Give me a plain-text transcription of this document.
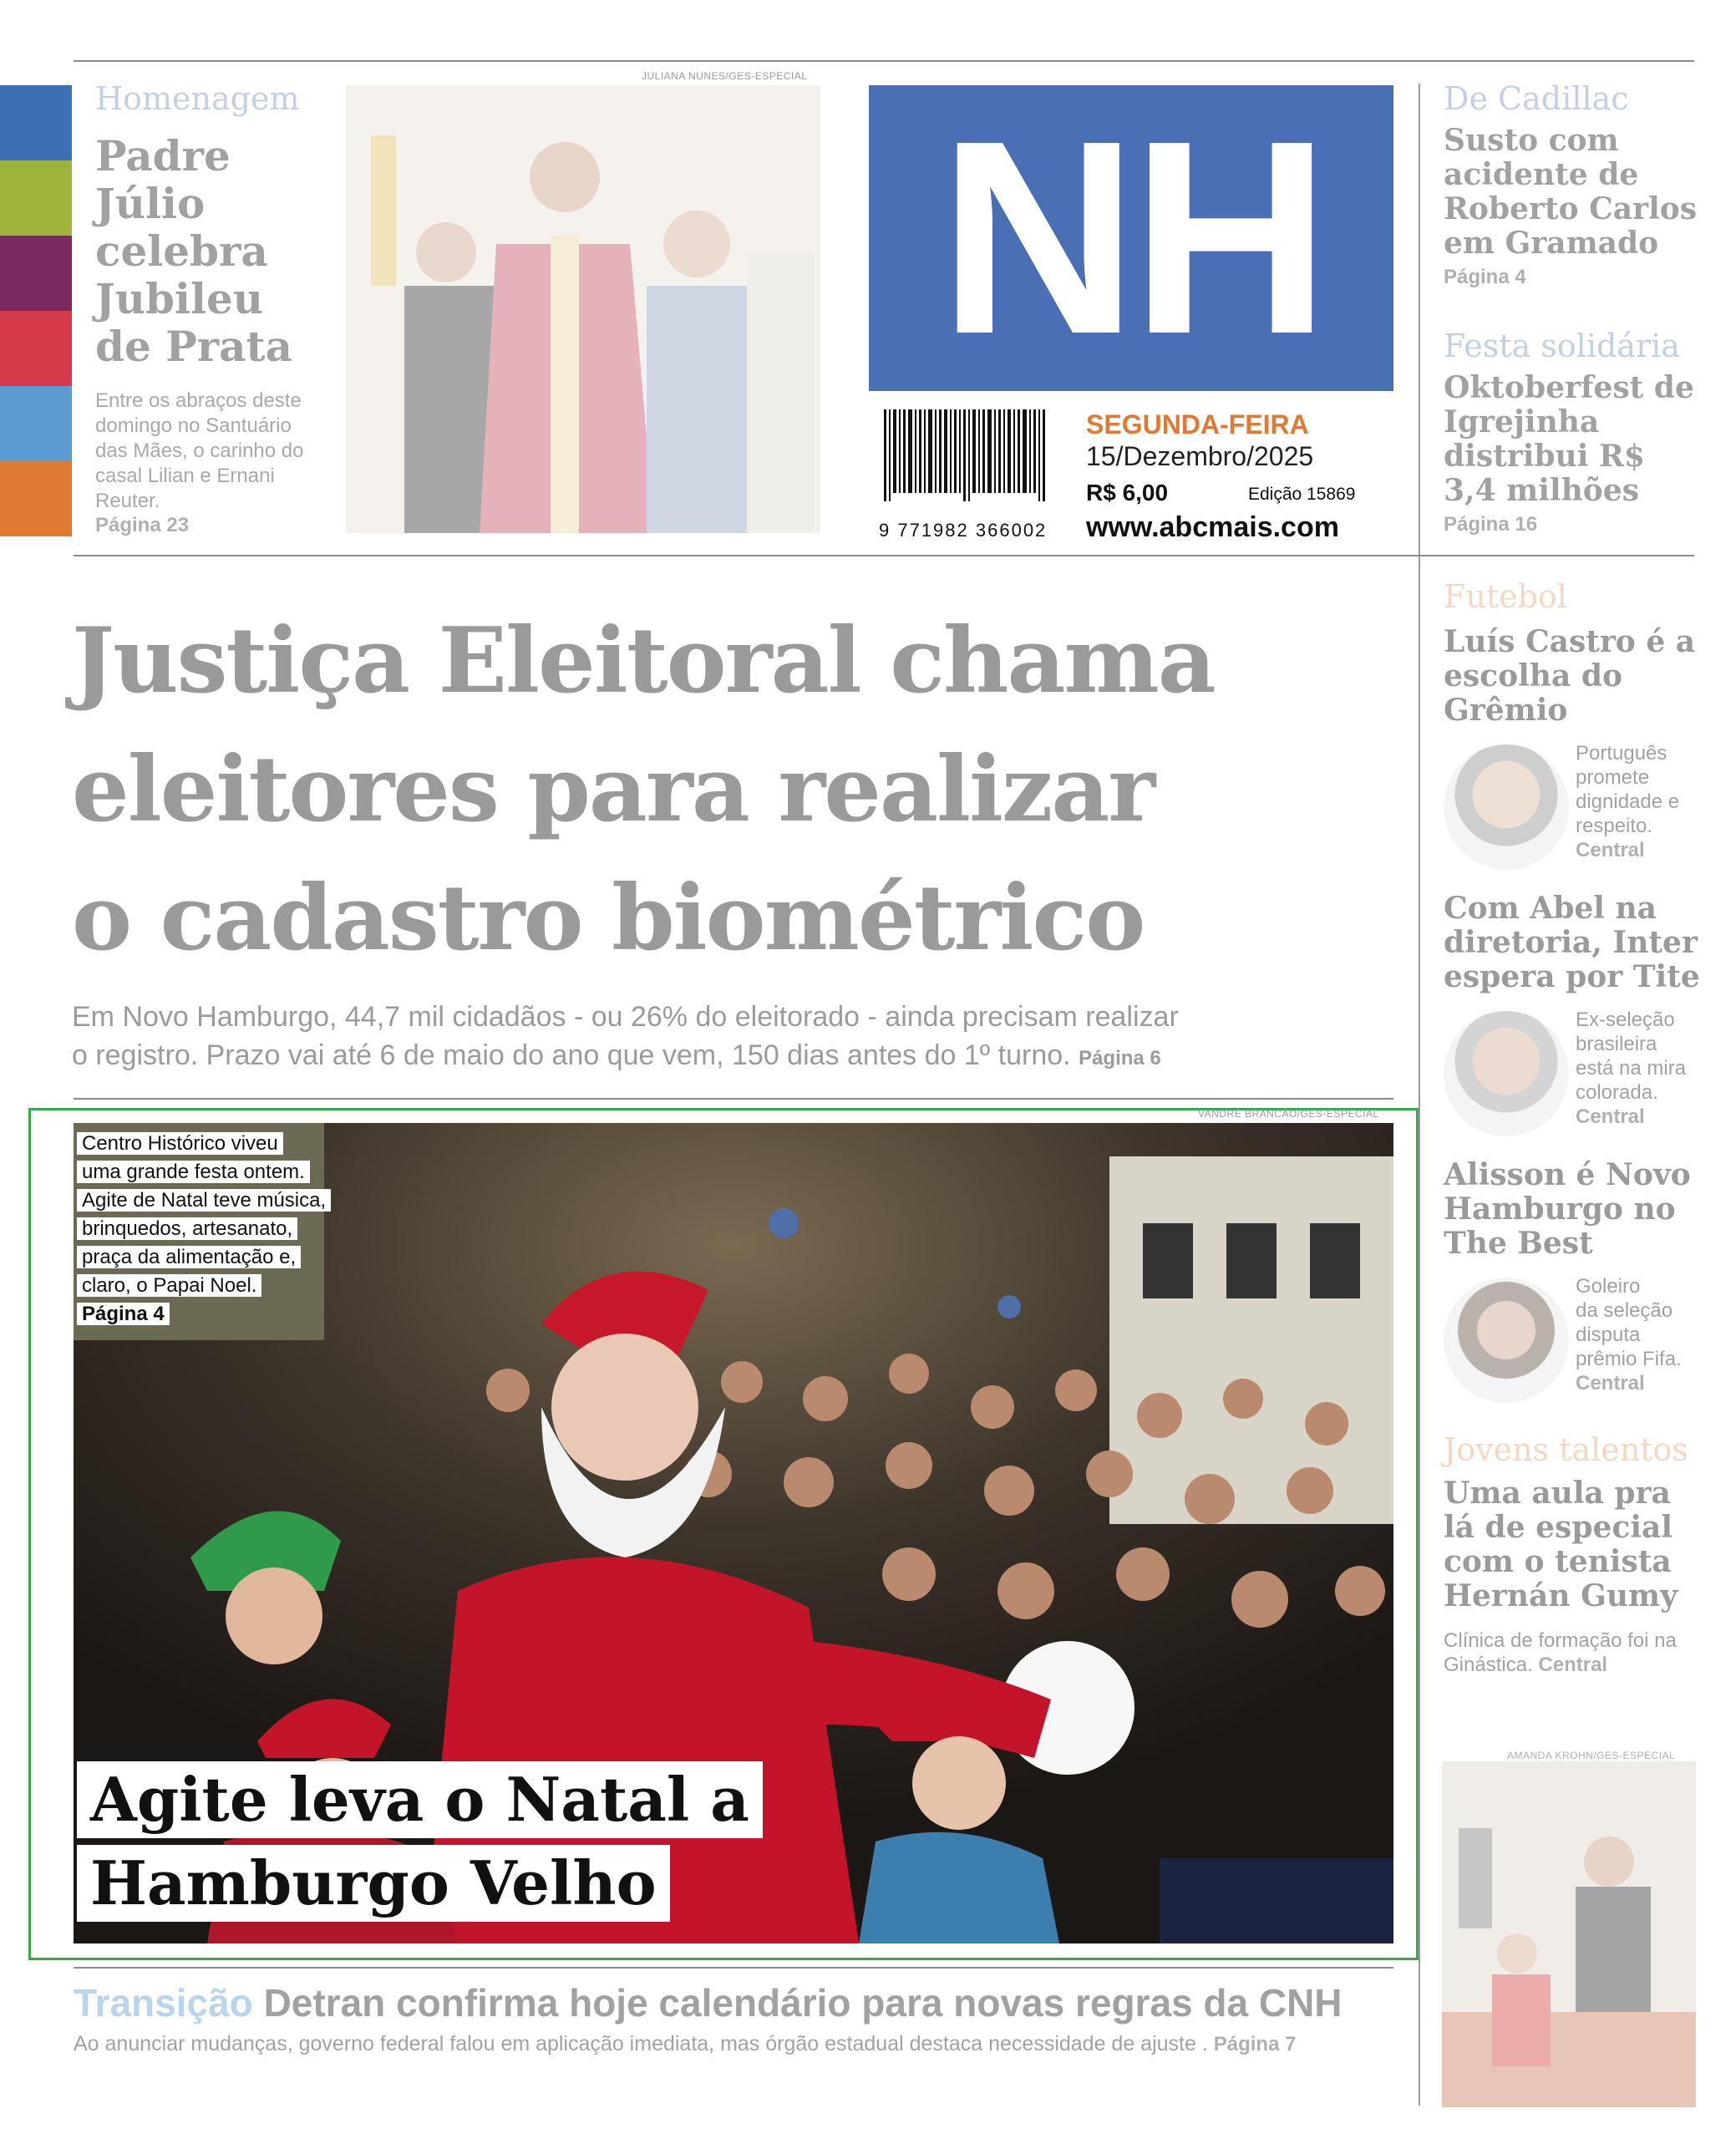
Homenagem
Padre Júlio celebra Jubileu de Prata
Entre os abraços deste domingo no Santuário das Mães, o carinho do casal Lilian e Ernani Reuter.
Página 23
JULIANA NUNES/GES-ESPECIAL
NH
9 771982 366002
SEGUNDA-FEIRA
15/Dezembro/2025
R$ 6,00	Edição 15869
www.abcmais.com
De Cadillac
Susto com acidente de Roberto Carlos em Gramado
Página 4
Festa solidária
Oktoberfest de Igrejinha distribui R$ 3,4 milhões
Página 16
Justiça Eleitoral chama
eleitores para realizar
o cadastro biométrico
Em Novo Hamburgo, 44,7 mil cidadãos - ou 26% do eleitorado - ainda precisam realizar
o registro. Prazo vai até 6 de maio do ano que vem, 150 dias antes do 1º turno. Página 6
VANDRÉ BRANCÃO/GES-ESPECIAL
Centro Histórico viveu
uma grande festa ontem.
Agite de Natal teve música,
brinquedos, artesanato,
praça da alimentação e,
claro, o Papai Noel.
Página 4
Agite leva o Natal a
Hamburgo Velho
Futebol
Luís Castro é a escolha do Grêmio
Português
promete
dignidade e
respeito.
Central
Com Abel na diretoria, Inter espera por Tite
Ex-seleção
brasileira
está na mira
colorada.
Central
Alisson é Novo Hamburgo no The Best
Goleiro
da seleção
disputa
prêmio Fifa.
Central
Jovens talentos
Uma aula pra lá de especial com o tenista Hernán Gumy
Clínica de formação foi na Ginástica. Central
AMANDA KROHN/GES-ESPECIAL
Transição Detran confirma hoje calendário para novas regras da CNH
Ao anunciar mudanças, governo federal falou em aplicação imediata, mas órgão estadual destaca necessidade de ajuste . Página 7
